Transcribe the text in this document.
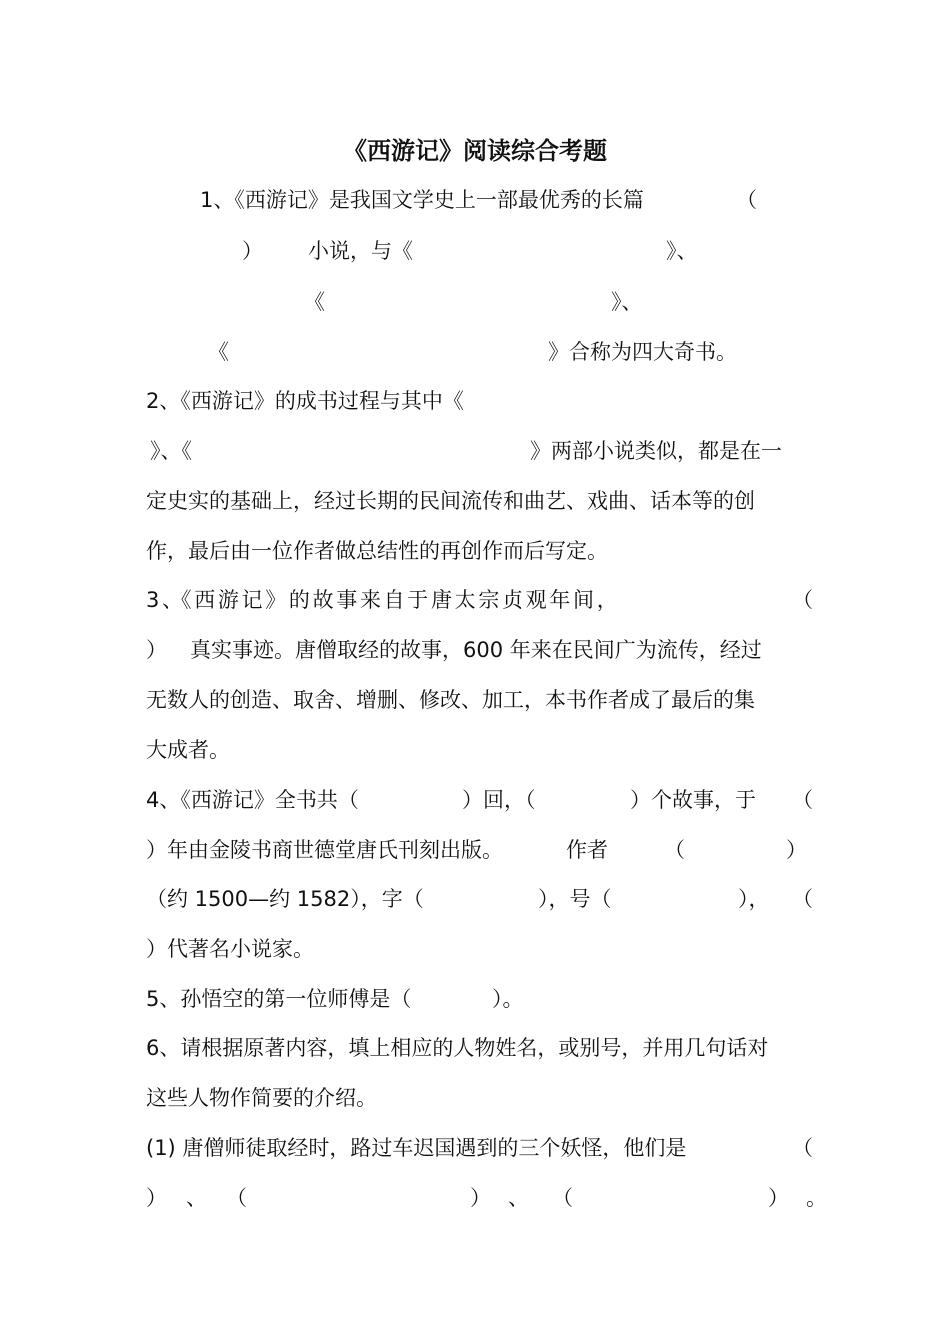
《西游记》阅读综合考题
1、《西游记》是我国文学史上一部最优秀的长篇	（
） 小说，与《	》、
《	》、
《	》合称为四大奇书。
2、《西游记》的成书过程与其中《
》、《	》两部小说类似，都是在一
定史实的基础上，经过长期的民间流传和曲艺、戏曲、话本等的创
作，最后由一位作者做总结性的再创作而后写定。
3 、《 西 游 记 》 的 故 事 来 自 于 唐 太 宗 贞 观 年 间 ，	（
） 真实事迹。唐僧取经的故事，600 年来在民间广为流传，经过
无数人的创造、取舍、增删、修改、加工，本书作者成了最后的集
大成者。
4、《西游记》全书共（	）回，（	）个故事，于 （
）年由金陵书商世德堂唐氏刊刻出版。	作者	（	）
（约 1500—约 1582），字（	），号（	）， （
）代著名小说家。
5、孙悟空的第一位师傅是（	）。
6、请根据原著内容，填上相应的人物姓名，或别号，并用几句话对
这些人物作简要的介绍。
(1) 唐僧师徒取经时，路过车迟国遇到的三个妖怪，他们是	（
） 、 （	） 、 （	） 。
